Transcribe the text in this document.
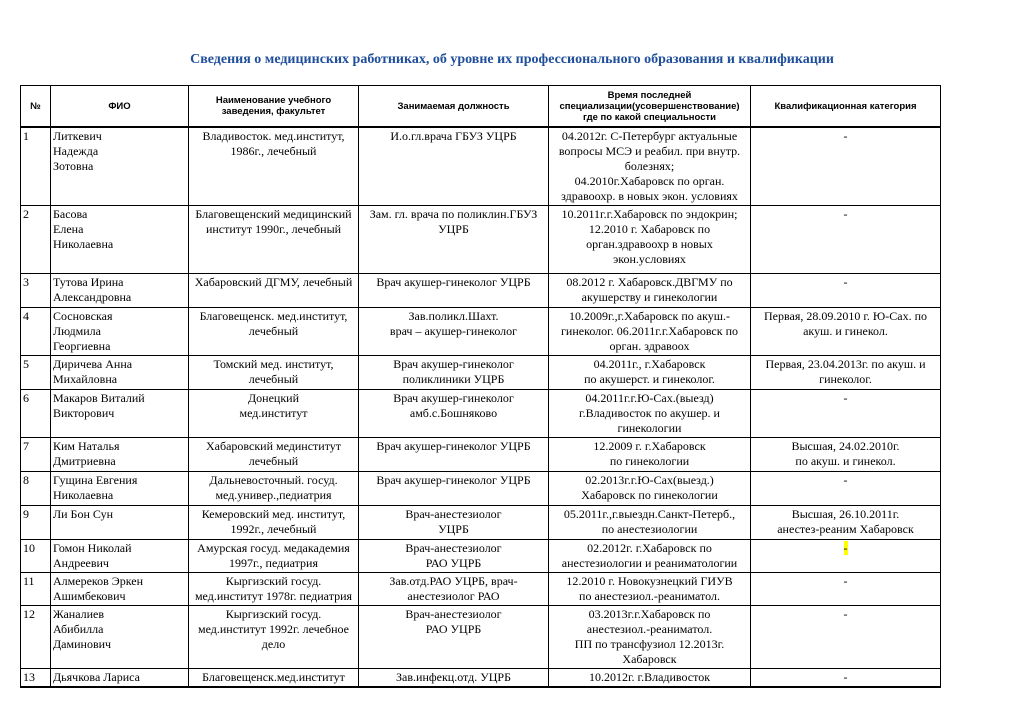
Сведения о медицинских работниках, об уровне их профессионального образования и квалификации
№	ФИО	Наименование учебного заведения, факультет	Занимаемая должность	Время последней специализации(усовершенствование) где по какой специальности	Квалификационная категория
1	Литкевич
Надежда
Зотовна	Владивосток. мед.институт, 1986г., лечебный	И.о.гл.врача ГБУЗ УЦРБ	04.2012г. С-Петербург актуальные вопросы МСЭ и реабил. при внутр. болезнях;
04.2010г.Хабаровск по орган. здравоохр. в новых экон. условиях	-
2	Басова
Елена
Николаевна	Благовещенский медицинский институт 1990г., лечебный	Зам. гл. врача по поликлин.ГБУЗ УЦРБ	10.2011г.г.Хабаровск по эндокрин; 12.2010 г. Хабаровск по орган.здравоохр в новых экон.условиях	-
3	Тутова Ирина
Александровна	Хабаровский ДГМУ, лечебный	Врач акушер-гинеколог УЦРБ	08.2012 г. Хабаровск.ДВГМУ по акушерству и гинекологии	-
4	Сосновская
Людмила
Георгиевна	Благовещенск. мед.институт, лечебный	Зав.поликл.Шахт.
врач – акушер-гинеколог	10.2009г.,г.Хабаровск по акуш.-гинеколог. 06.2011г.г.Хабаровск по орган. здравоох	Первая, 28.09.2010 г. Ю-Сах. по акуш. и гинекол.
5	Диричева Анна
Михайловна	Томский мед. институт, лечебный	Врач акушер-гинеколог поликлиники УЦРБ	04.2011г., г.Хабаровск
по акушерст. и гинеколог.	Первая, 23.04.2013г. по акуш. и гинеколог.
6	Макаров Виталий
Викторович	Донецкий
мед.институт	Врач акушер-гинеколог амб.с.Бошняково	04.2011г.г.Ю-Сах.(выезд)
г.Владивосток по акушер. и гинекологии	-
7	Ким Наталья
Дмитриевна	Хабаровский мединститут лечебный	Врач акушер-гинеколог УЦРБ	12.2009 г. г.Хабаровск
по гинекологии	Высшая, 24.02.2010г.
по акуш. и гинекол.
8	Гущина Евгения
Николаевна	Дальневосточный. госуд. мед.универ.,педиатрия	Врач акушер-гинеколог УЦРБ	02.2013г.г.Ю-Сах(выезд.)
Хабаровск по гинекологии	-
9	Ли Бон Сун	Кемеровский мед. институт, 1992г., лечебный	Врач-анестезиолог
УЦРБ	05.2011г.,г.выездн.Санкт-Петерб.,
по анестезиологии	Высшая, 26.10.2011г.
анестез-реаним Хабаровск
10	Гомон Николай
Андреевич	Амурская госуд. медакадемия 1997г., педиатрия	Врач-анестезиолог
РАО УЦРБ	02.2012г. г.Хабаровск по анестезиологии и реаниматологии	-
11	Алмереков Эркен
Ашимбекович	Кыргизский госуд. мед.институт 1978г. педиатрия	Зав.отд.РАО УЦРБ, врач-анестезиолог РАО	12.2010 г. Новокузнецкий ГИУВ
по анестезиол.-реаниматол.	-
12	Жаналиев
Абибилла
Даминович	Кыргизский госуд. мед.институт 1992г. лечебное дело	Врач-анестезиолог
РАО УЦРБ	03.2013г.г.Хабаровск по
анестезиол.-реаниматол.
ПП по трансфузиол 12.2013г.
Хабаровск	-
13	Дьячкова Лариса	Благовещенск.мед.институт	Зав.инфекц.отд. УЦРБ	10.2012г. г.Владивосток	-
